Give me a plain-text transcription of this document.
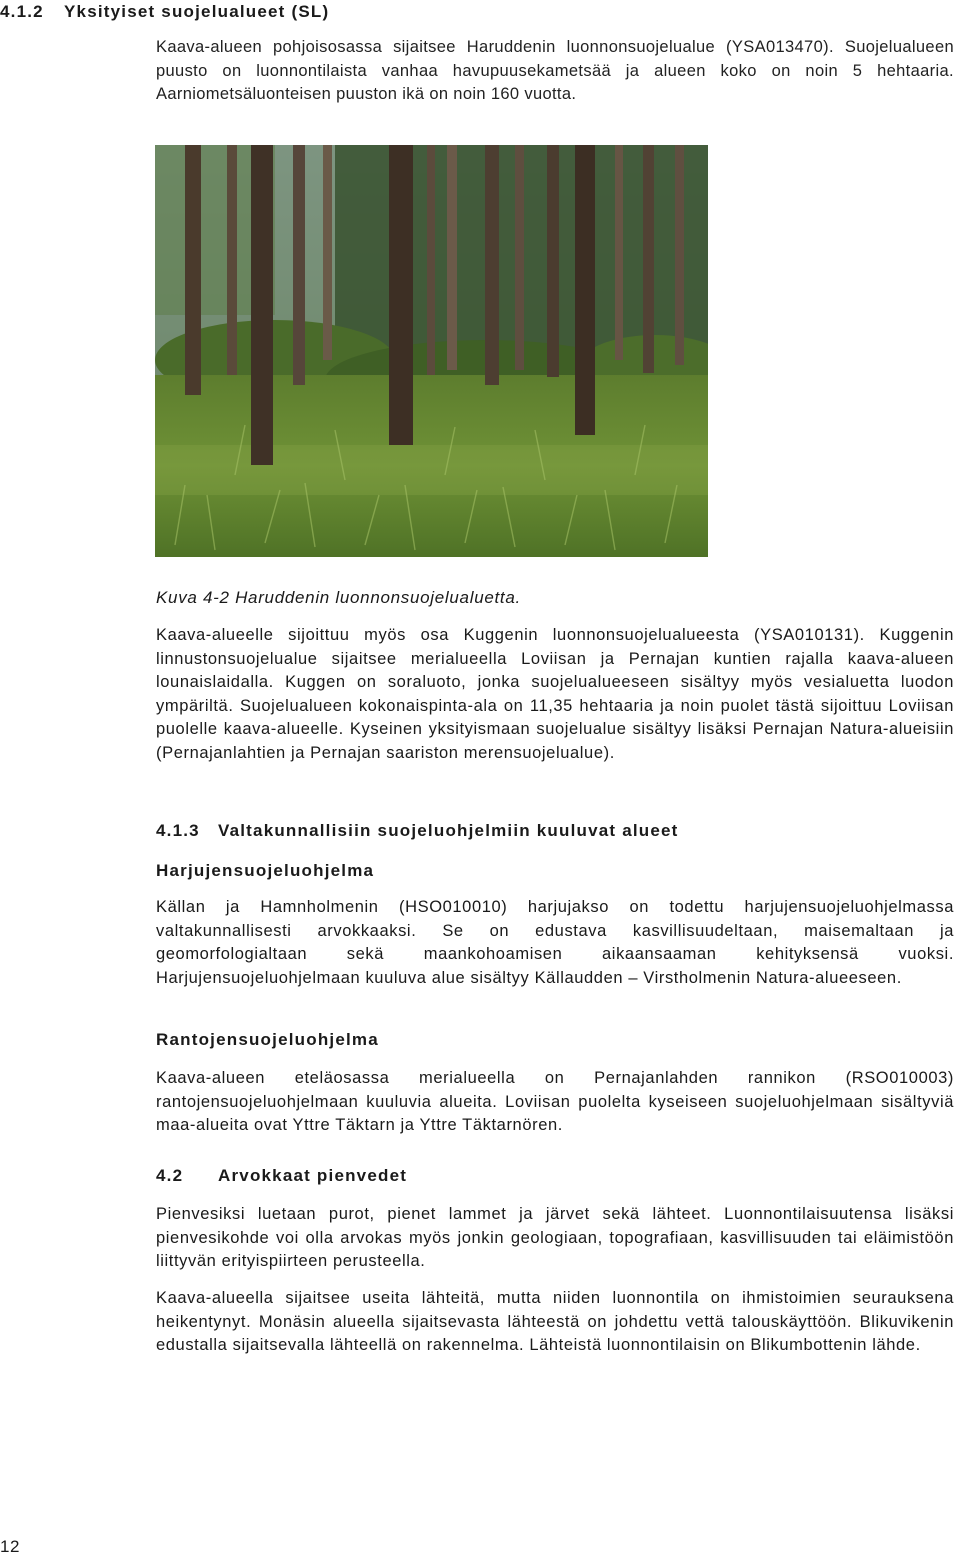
4.1.2 Yksityiset suojelualueet (SL)

Kaava-alueen pohjoisosassa sijaitsee Haruddenin luonnonsuojelualue (YSA013470). Suojelualueen puusto on luonnontilaista vanhaa havupuusekametsää ja alueen koko on noin 5 hehtaaria. Aarniometsäluonteisen puuston ikä on noin 160 vuotta.

Kuva 4-2 Haruddenin luonnonsuojelualuetta.

Kaava-alueelle sijoittuu myös osa Kuggenin luonnonsuojelualueesta (YSA010131). Kuggenin linnustonsuojelualue sijaitsee merialueella Loviisan ja Pernajan kuntien rajalla kaava-alueen lounaislaidalla. Kuggen on soraluoto, jonka suojelualueeseen sisältyy myös vesialuetta luodon ympäriltä. Suojelualueen kokonaispinta-ala on 11,35 hehtaaria ja noin puolet tästä sijoittuu Loviisan puolelle kaava-alueelle. Kyseinen yksityismaan suojelualue sisältyy lisäksi Pernajan Natura-alueisiin (Pernajanlahtien ja Pernajan saariston merensuojelualue).

4.1.3 Valtakunnallisiin suojeluohjelmiin kuuluvat alueet
Harjujensuojeluohjelma

Källan ja Hamnholmenin (HSO010010) harjujakso on todettu harjujensuojeluohjelmassa valtakunnallisesti arvokkaaksi. Se on edustava kasvillisuudeltaan, maisemaltaan ja geomorfologialtaan sekä maankohoamisen aikaansaaman kehityksensä vuoksi. Harjujensuojeluohjelmaan kuuluva alue sisältyy Källaudden – Virstholmenin Natura-alueeseen.

Rantojensuojeluohjelma

Kaava-alueen eteläosassa merialueella on Pernajanlahden rannikon (RSO010003) rantojensuojeluohjelmaan kuuluvia alueita. Loviisan puolelta kyseiseen suojeluohjelmaan sisältyviä maa-alueita ovat Yttre Täktarn ja Yttre Täktarnören.

4.2 Arvokkaat pienvedet

Pienvesiksi luetaan purot, pienet lammet ja järvet sekä lähteet. Luonnontilaisuutensa lisäksi pienvesikohde voi olla arvokas myös jonkin geologiaan, topografiaan, kasvillisuuden tai eläimistöön liittyvän erityispiirteen perusteella.

Kaava-alueella sijaitsee useita lähteitä, mutta niiden luonnontila on ihmistoimien seurauksena heikentynyt. Monäsin alueella sijaitsevasta lähteestä on johdettu vettä talouskäyttöön. Blikuvikenin edustalla sijaitsevalla lähteellä on rakennelma. Lähteistä luonnontilaisin on Blikumbottenin lähde.

12
